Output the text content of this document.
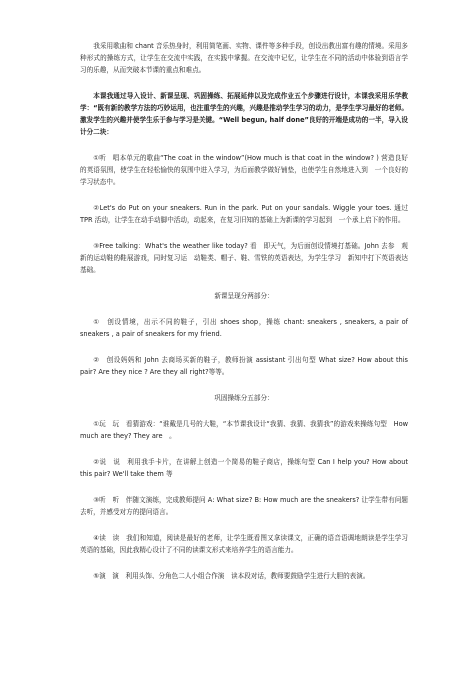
我采用歌曲和 chant 音乐热身时，利用简笔画、实物、课件等多种手段，创设出教出富有趣的情境。采用多种形式的操练方式，让学生在交流中实践，在实践中掌握。在交流中记忆，让学生在不同的活动中体验到语言学习的乐趣，从而突破本节课的重点和难点。

本课我通过导入设计、新课呈现、巩固操练、拓展延伸以及完成作业五个步骤进行设计，本课我采用乐学教学：“既有新的教学方法的巧妙运用，也注重学生的兴趣，兴趣是推动学生学习的动力，是学生学习最好的老师。激发学生的兴趣并使学生乐于参与学习是关键。“Well begun, half done”良好的开端是成功的一半，导入设计分二块：

①听　唱本单元的歌曲“The coat in the window”(How much is that coat in the window? ) 营造良好的英语氛围，使学生在轻松愉快的氛围中进入学习，为后面教学做好铺垫，也使学生自然地进入到　一个良好的学习状态中。

②Let's do Put on your sneakers. Run in the park. Put on your sandals. Wiggle your toes. 通过 TPR 活动，让学生在动手动脚中活动，动起来，在复习旧知的基础上为新课的学习起到　一个承上启下的作用。

③Free talking：What's the weather like today? 看　即天气，为后面创设情境打基础。John 去参　观新的运动鞋的鞋展游戏，同时复习运　动鞋类、帽子、鞋、雪铁的英语表达，为学生学习　新知中打下英语表达基础。

新课呈现分两部分：

①　创设情境，出示不同的鞋子，引出 shoes shop，操练 chant: sneakers , sneakers, a pair of sneakers , a pair of sneakers for my friend.

②　创设妈妈和 John 去商场买新的鞋子，教师扮演 assistant 引出句型 What size? How about this pair? Are they nice ? Are they all right?等等。

巩固操练分五部分：

①玩　玩　看猜游戏：“谁戴是几号的大鞋，“本节课我设计“我猜、我猜、我猜我”的游戏来操练句型　How much are they? They are　。

②说　说　利用我手卡片，在讲解上创造一个简易的鞋子商店，操练句型 Can I help you? How about this pair? We'll take them 等

③听　听　伴随文演练，完成教师提问 A: What size? B: How much are the sneakers? 让学生带有问题去听，并感受对方的提问语言。

④读　读　我们和知道，阅读是最好的老师，让学生既看图又拿读课文，正确的语音语调地朗读是学生学习英语的基础，因此我精心设计了不同的读课文形式来培养学生的语言能力。

⑤演　演　利用头饰、分角色二人小组合作演　读本段对话，教师要鼓励学生进行大胆的表演。
